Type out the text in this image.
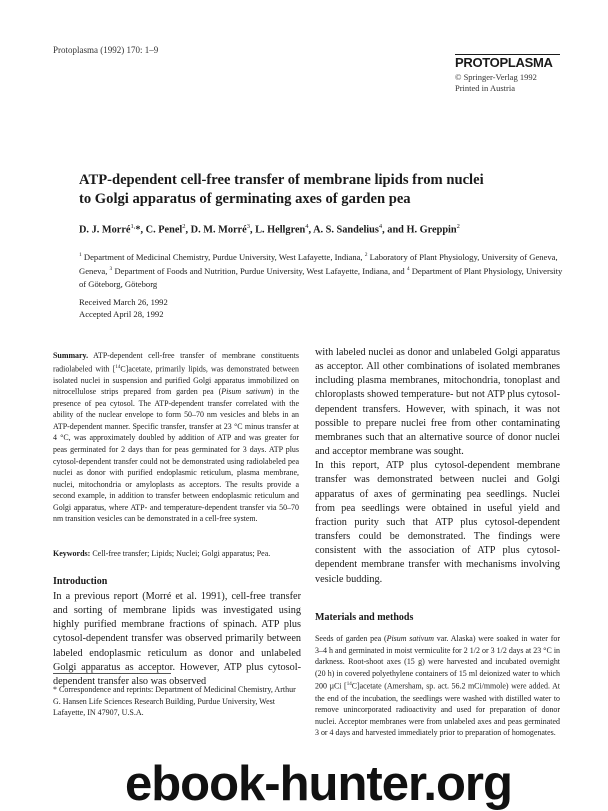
Protoplasma (1992) 170: 1–9
PROTOPLASMA
© Springer-Verlag 1992
Printed in Austria
ATP-dependent cell-free transfer of membrane lipids from nuclei
to Golgi apparatus of germinating axes of garden pea
D. J. Morré$^{1,}$*, C. Penel$^2$, D. M. Morré$^3$, L. Hellgren$^4$, A. S. Sandelius$^4$, and H. Greppin$^2$
$^1$ Department of Medicinal Chemistry, Purdue University, West Lafayette, Indiana, $^2$ Laboratory of Plant Physiology, University of Geneva, Geneva, $^3$ Department of Foods and Nutrition, Purdue University, West Lafayette, Indiana, and $^4$ Department of Plant Physiology, University of Göteborg, Göteborg
Received March 26, 1992
Accepted April 28, 1992
Summary. ATP-dependent cell-free transfer of membrane constituents radiolabeled with [$^{14}$C]acetate, primarily lipids, was demonstrated between isolated nuclei in suspension and purified Golgi apparatus immobilized on nitrocellulose strips prepared from garden pea (Pisum sativum) in the presence of pea cytosol. The ATP-dependent transfer correlated with the ability of the nuclear envelope to form 50–70 nm vesicles and blebs in an ATP-dependent manner. Specific transfer, transfer at 23 °C minus transfer at 4 °C, was approximately doubled by addition of ATP and was greater for peas germinated for 2 days than for peas germinated for 3 days. ATP plus cytosol-dependent transfer could not be demonstrated using radiolabeled pea nuclei as donor with purified endoplasmic reticulum, plasma membrane, nuclei, mitochondria or amyloplasts as acceptors. The results provide a second example, in addition to transfer between endoplasmic reticulum and Golgi apparatus, where ATP- and temperature-dependent transfer via 50–70 nm transition vesicles can be demonstrated in a cell-free system.
Keywords: Cell-free transfer; Lipids; Nuclei; Golgi apparatus; Pea.
Introduction
In a previous report (Morré et al. 1991), cell-free transfer and sorting of membrane lipids was investigated using highly purified membrane fractions of spinach. ATP plus cytosol-dependent transfer was observed primarily between labeled endoplasmic reticulum as donor and unlabeled Golgi apparatus as acceptor. However, ATP plus cytosol-dependent transfer also was observed
* Correspondence and reprints: Department of Medicinal Chemistry, Arthur G. Hansen Life Sciences Research Building, Purdue University, West Lafayette, IN 47907, U.S.A.

with labeled nuclei as donor and unlabeled Golgi apparatus as acceptor. All other combinations of isolated membranes including plasma membranes, mitochondria, tonoplast and chloroplasts showed temperature- but not ATP plus cytosol-dependent transfers. However, with spinach, it was not possible to prepare nuclei free from other contaminating membranes such that an alternative source of donor nuclei and acceptor membrane was sought.

In this report, ATP plus cytosol-dependent membrane transfer was demonstrated between nuclei and Golgi apparatus of axes of germinating pea seedlings. Nuclei from pea seedlings were obtained in useful yield and fraction purity such that ATP plus cytosol-dependent transfers could be demonstrated. The findings were consistent with the association of ATP plus cytosol-dependent membrane transfer with mechanisms involving vesicle budding.

Materials and methods
Seeds of garden pea (Pisum sativum var. Alaska) were soaked in water for 3–4 h and germinated in moist vermiculite for 2 1/2 or 3 1/2 days at 23 °C in darkness. Root-shoot axes (15 g) were harvested and incubated overnight (20 h) in covered polyethylene containers of 15 ml deionized water to which 200 µCi [$^{14}$C]acetate (Amersham, sp. act. 56.2 mCi/mmole) were added. At the end of the incubation, the seedlings were washed with distilled water to remove unincorporated radioactivity and used for preparation of donor nuclei. Acceptor membranes were from unlabeled axes and peas germinated 3 or 4 days and harvested immediately prior to preparation of homogenates.
ebook-hunter.org
